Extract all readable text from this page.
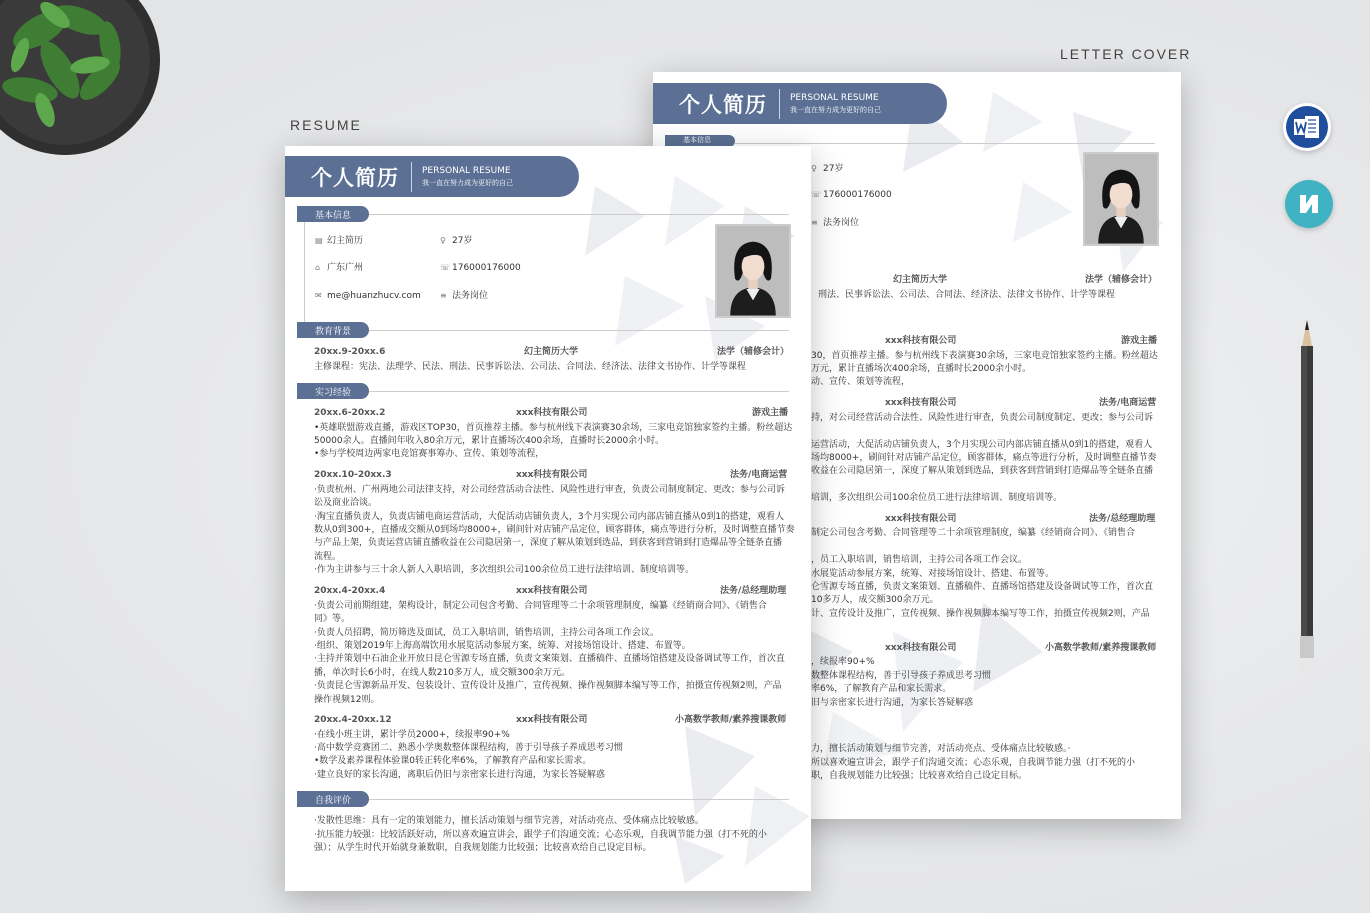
RESUME
LETTER COVER
个人简历	PERSONAL RESUME
我一直在努力成为更好的自己
基本信息
♀ 27岁
☏ 176000176000
≡ 法务岗位
幻主简历大学	法学（辅修会计）
刑法、民事诉讼法、公司法、合同法、经济法、法律文书协作、计学等课程
xxx科技有限公司	游戏主播
30，首页推荐主播。参与杭州线下表演赛30余场，三家电竞馆独家签约主播。粉丝超达
万元，累计直播场次400余场，直播时长2000余小时。
动、宣传、策划等流程，
xxx科技有限公司	法务/电商运营
持，对公司经营活动合法性、风险性进行审查，负责公司制度制定、更改；参与公司诉
运营活动，大促活动店铺负责人，3个月实现公司内部店铺直播从0到1的搭建，观看人
场均8000+，刷间针对店铺产品定位，顾客群体，痛点等进行分析，及时调整直播节奏
收益在公司隐居第一，深度了解从策划到选品，到获客到营销到打造爆品等全链条直播
培训，多次组织公司100余位员工进行法律培训、制度培训等。
xxx科技有限公司	法务/总经理助理
制定公司包含考勤、合同管理等二十余项管理制度，编纂《经销商合同》、《销售合
，员工入职培训，销售培训，主持公司各项工作会议。
水展览活动参展方案，统筹、对接场馆设计、搭建、布置等。
仑雪源专场直播，负责文案策划、直播稿件、直播场馆搭建及设备调试等工作，首次直
10多万人，成交额300余万元。
计、宣传设计及推广，宣传视频、操作视频脚本编写等工作，拍摄宣传视频2则，产品
xxx科技有限公司	小高数学教师/素养搜课教师
，续报率90+%
数整体课程结构，善于引导孩子养成思考习惯
率6%，了解教育产品和家长需求。
旧与亲密家长进行沟通，为家长答疑解惑
力，擅长活动策划与细节完善，对活动亮点、受体痛点比较敏感。·
所以喜欢遍宣讲会，跟学子们沟通交流；心态乐观，自我调节能力强（打不死的小
职，自我规划能力比较强；比较喜欢给自己设定目标。
个人简历	PERSONAL RESUME
我一直在努力成为更好的自己
基本信息
▤ 幻主简历	♀ 27岁
⌂ 广东广州	☏ 176000176000
✉ me@huanzhucv.com ≡ 法务岗位
教育背景
20xx.9-20xx.6	幻主简历大学	法学（辅修会计）
主修课程：宪法、法理学、民法、刑法、民事诉讼法、公司法、合同法、经济法、法律文书协作、计学等课程
实习经验
20xx.6-20xx.2	xxx科技有限公司	游戏主播
•英雄联盟游戏直播，游戏区TOP30，首页推荐主播。参与杭州线下表演赛30余场，三家电竞馆独家签约主播。粉丝超达
50000余人。直播间年收入80余万元，累计直播场次400余场，直播时长2000余小时。
•参与学校周边两家电竞馆赛事筹办、宣传、策划等流程，
20xx.10-20xx.3	xxx科技有限公司	法务/电商运营
·负责杭州、广州两地公司法律支持，对公司经营活动合法性、风险性进行审查，负责公司制度制定、更改；参与公司诉
讼及商业洽谈。
·淘宝直播负责人，负责店铺电商运营活动，大促活动店铺负责人，3个月实现公司内部店铺直播从0到1的搭建，观看人
数从0到300+，直播成交额从0到场均8000+，刷间针对店铺产品定位，顾客群体，痛点等进行分析，及时调整直播节奏
与产品上架，负责运营店铺直播收益在公司隐居第一，深度了解从策划到选品，到获客到营销到打造爆品等全链条直播
流程。
·作为主讲参与三十余人新人入职培训，多次组织公司100余位员工进行法律培训、制度培训等。
20xx.4-20xx.4	xxx科技有限公司	法务/总经理助理
·负责公司前期组建，架构设计，制定公司包含考勤、合同管理等二十余项管理制度，编纂《经销商合同》、《销售合
同》等。
·负责人员招聘，简历筛选及面试，员工入职培训，销售培训，主持公司各项工作会议。
·组织、策划2019年上海高端饮用水展览活动参展方案，统筹、对接场馆设计、搭建、布置等。
·主持并策划中石油企业开放日昆仑雪源专场直播，负责文案策划、直播稿件、直播场馆搭建及设备调试等工作，首次直
播，单次时长6小时，在线人数210多万人，成交额300余万元。
·负责昆仑雪源新品开发、包装设计、宣传设计及推广，宣传视频、操作视频脚本编写等工作，拍摄宣传视频2则，产品
操作视频12则。
20xx.4-20xx.12	xxx科技有限公司	小高数学教师/素养搜课教师
·在线小班主讲，累计学员2000+，续报率90+%
·高中数学竞赛团二、熟悉小学奥数整体课程结构，善于引导孩子养成思考习惯
•数学及素养课程体验课0转正转化率6%，了解教育产品和家长需求。
·建立良好的家长沟通，离职后仍旧与亲密家长进行沟通，为家长答疑解惑
自我评价
·发散性思维：具有一定的策划能力，擅长活动策划与细节完善，对活动亮点、受体痛点比较敏感。
·抗压能力较强：比较活跃好动，所以喜欢遍宣讲会，跟学子们沟通交流；心态乐观，自我调节能力强（打不死的小
强）；从学生时代开始就身兼数职，自我规划能力比较强；比较喜欢给自己设定目标。
